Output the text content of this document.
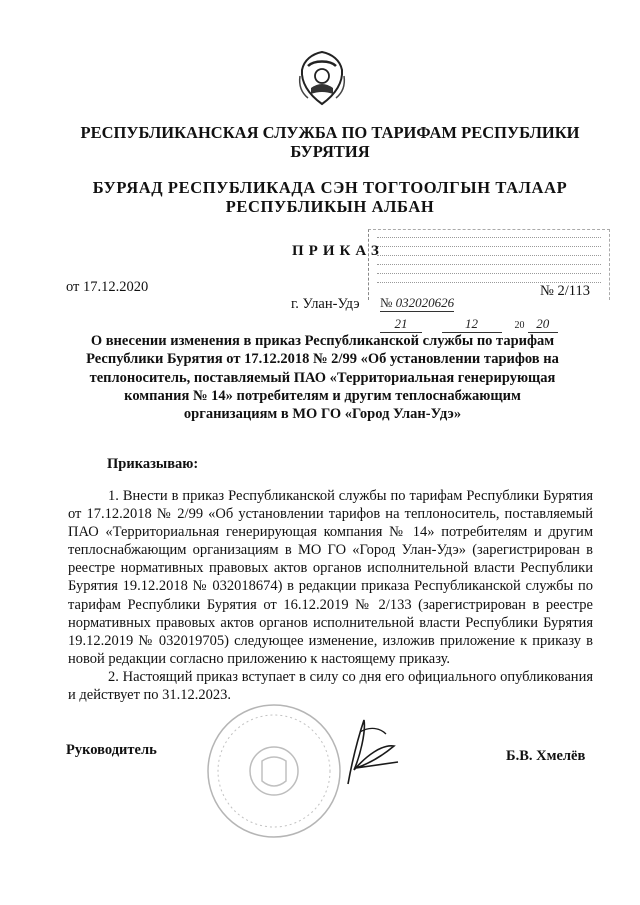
РЕСПУБЛИКАНСКАЯ СЛУЖБА ПО ТАРИФАМ РЕСПУБЛИКИ БУРЯТИЯ
БУРЯАД РЕСПУБЛИКАДА СЭН ТОГТООЛГЫН ТАЛААР РЕСПУБЛИКЫН АЛБАН
ПРИКАЗ
от 17.12.2020	№ 2/113
г. Улан-Удэ № 032020626
21	12	20 20
О внесении изменения в приказ Республиканской службы по тарифам Республики Бурятия от 17.12.2018 № 2/99 «Об установлении тарифов на теплоноситель, поставляемый ПАО «Территориальная генерирующая компания № 14» потребителям и другим теплоснабжающим организациям в МО ГО «Город Улан-Удэ»
Приказываю:

1. Внести в приказ Республиканской службы по тарифам Республики Бурятия от 17.12.2018 № 2/99 «Об установлении тарифов на теплоноситель, поставляемый ПАО «Территориальная генерирующая компания № 14» потребителям и другим теплоснабжающим организациям в МО ГО «Город Улан-Удэ» (зарегистрирован в реестре нормативных правовых актов органов исполнительной власти Республики Бурятия 19.12.2018 № 032018674) в редакции приказа Республиканской службы по тарифам Республики Бурятия от 16.12.2019 № 2/133 (зарегистрирован в реестре нормативных правовых актов органов исполнительной власти Республики Бурятия 19.12.2019 № 032019705) следующее изменение, изложив приложение к приказу в новой редакции согласно приложению к настоящему приказу.

2. Настоящий приказ вступает в силу со дня его официального опубликования и действует по 31.12.2023.

Руководитель	Б.В. Хмелёв
